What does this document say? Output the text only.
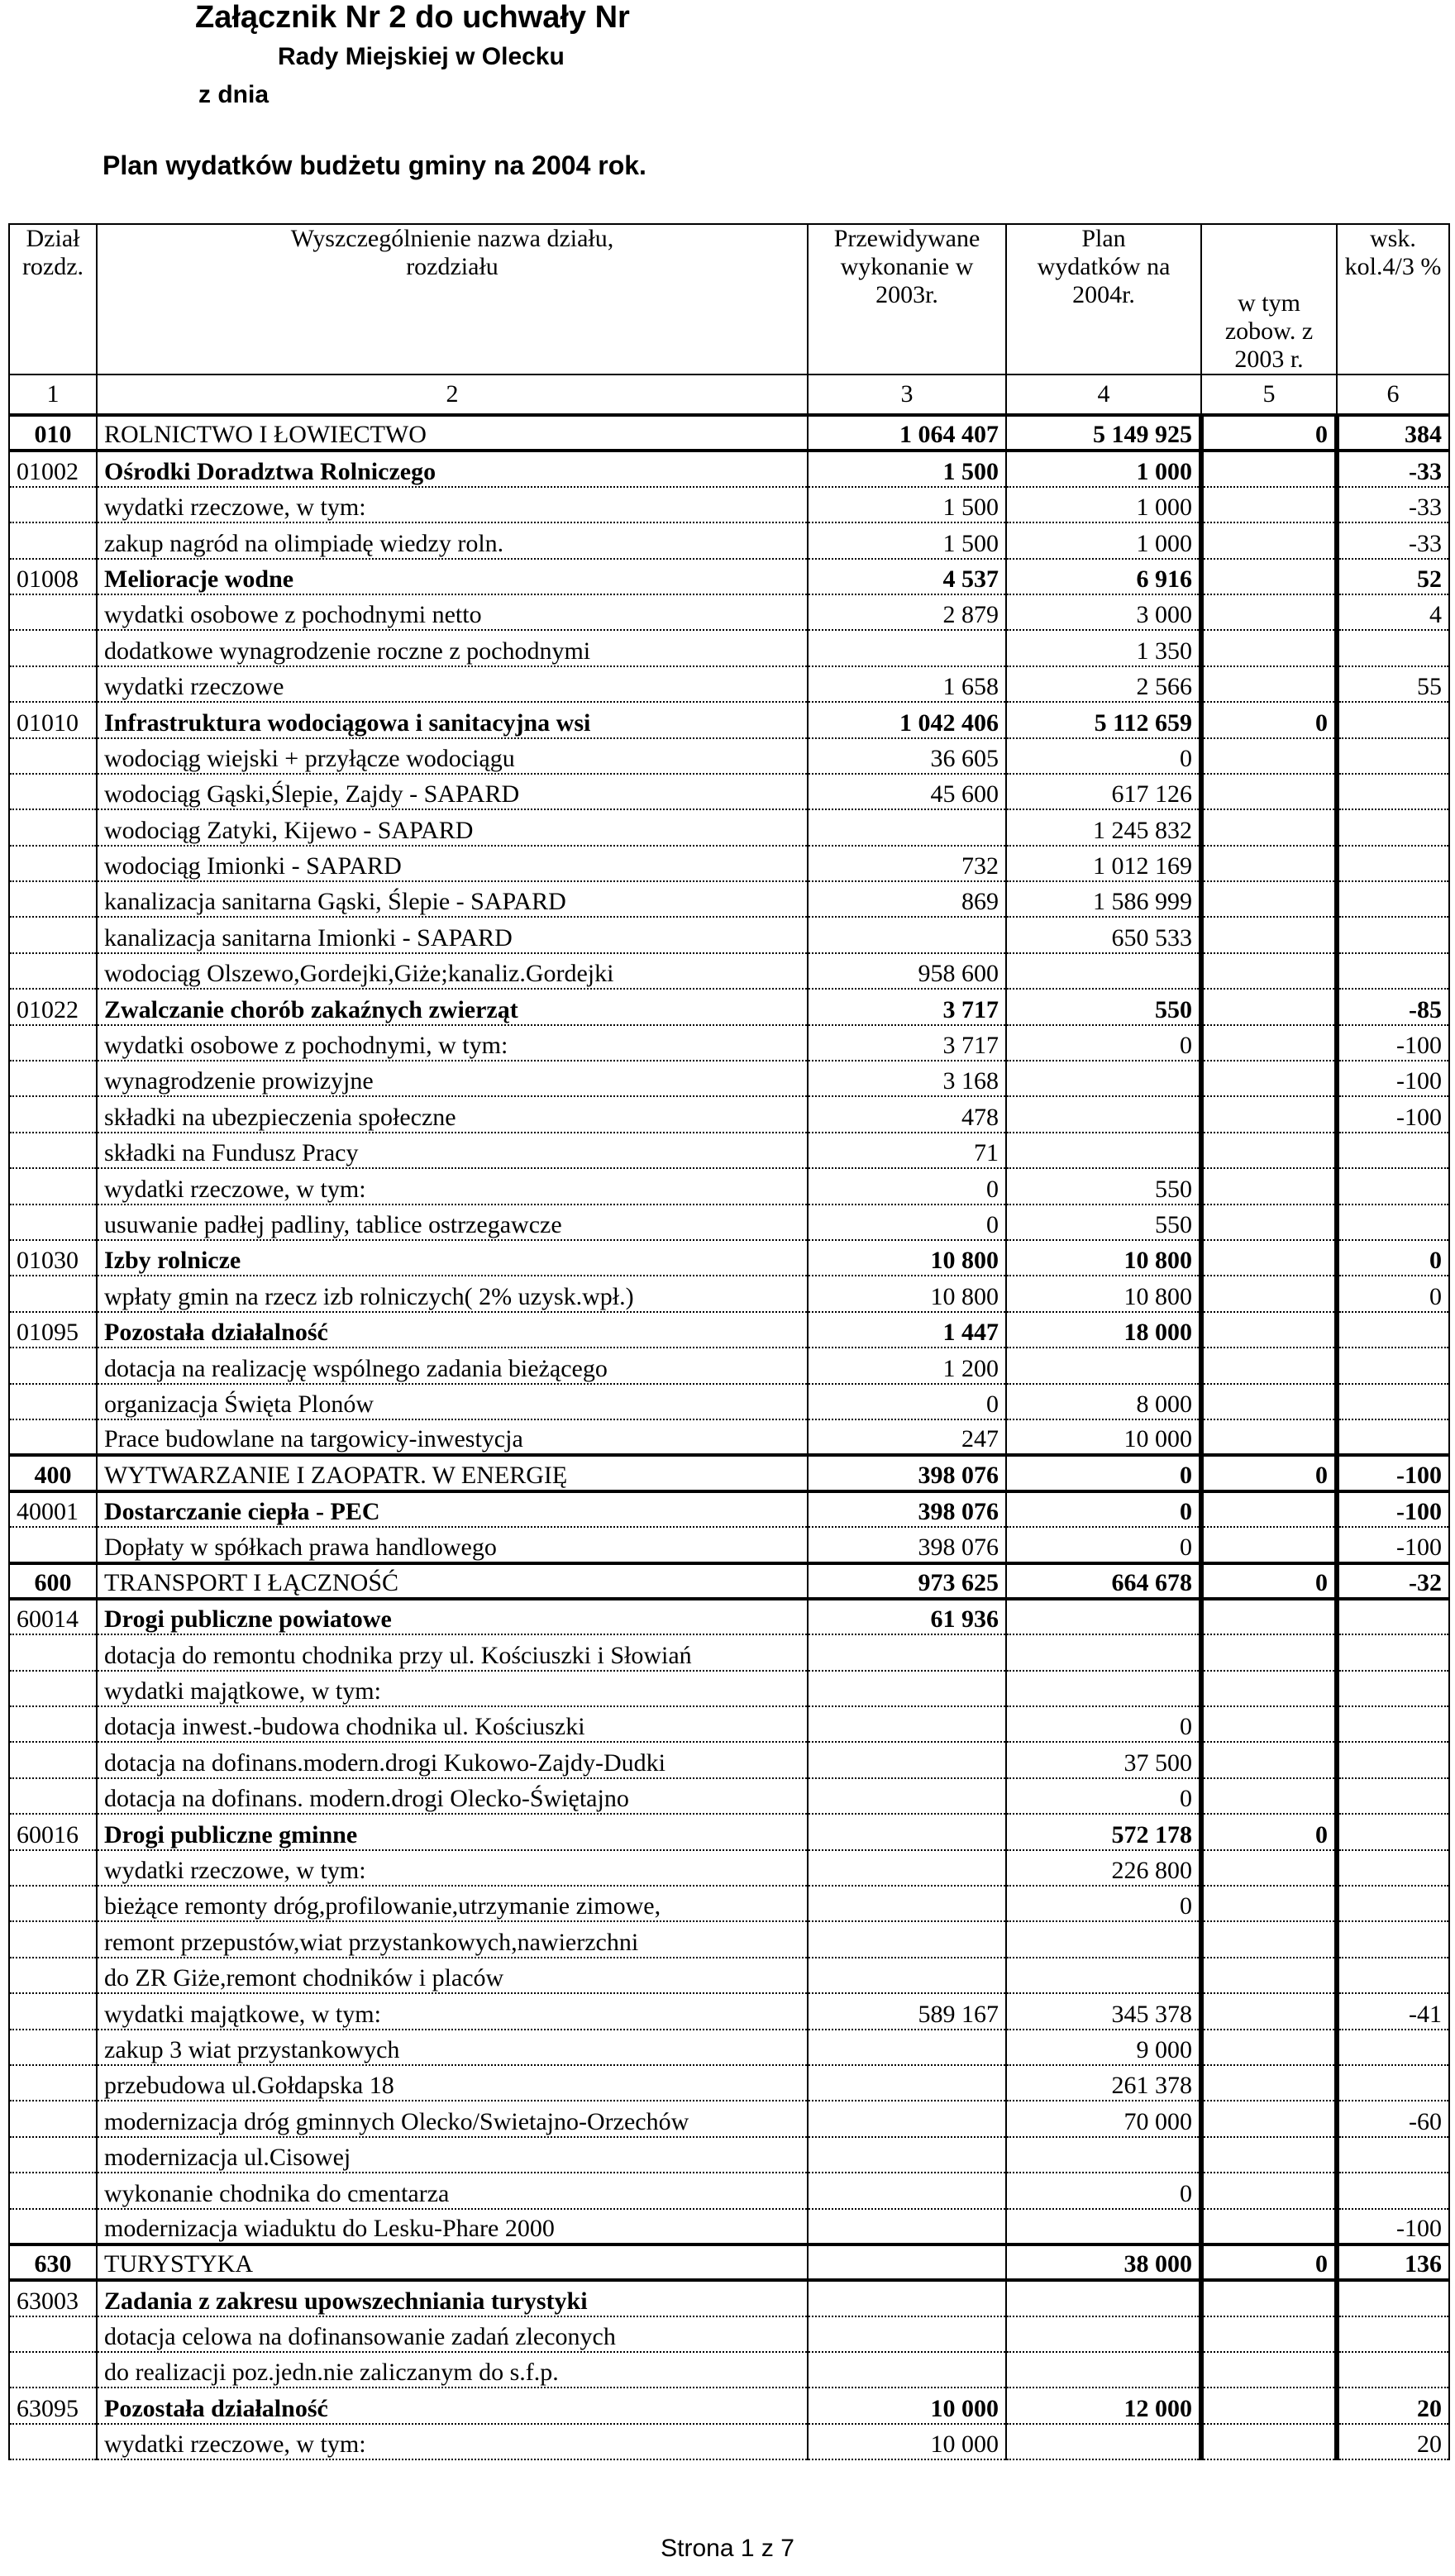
Załącznik Nr 2 do uchwały Nr
Rady Miejskiej w Olecku
z dnia
Plan wydatków budżetu gminy na 2004 rok.
Dział rozdz.	Wyszczególnienie nazwa działu, rozdziału	Przewidywane wykonanie w 2003r.	Plan wydatków na 2004r.	w tym zobow. z 2003 r.	wsk. kol.4/3 %
1	2	3	4	5	6
010	ROLNICTWO I ŁOWIECTWO	1 064 407	5 149 925	0	384
01002	Ośrodki Doradztwa Rolniczego	1 500	1 000		-33
	wydatki rzeczowe, w tym:	1 500	1 000		-33
	zakup nagród na olimpiadę wiedzy roln.	1 500	1 000		-33
01008	Melioracje wodne	4 537	6 916		52
	wydatki osobowe z pochodnymi netto	2 879	3 000		4
	dodatkowe wynagrodzenie roczne z pochodnymi		1 350		
	wydatki rzeczowe	1 658	2 566		55
01010	Infrastruktura wodociągowa i sanitacyjna wsi	1 042 406	5 112 659	0	
	wodociąg wiejski + przyłącze wodociągu	36 605	0		
	wodociąg Gąski,Ślepie, Zajdy - SAPARD	45 600	617 126		
	wodociąg Zatyki, Kijewo - SAPARD		1 245 832		
	wodociąg Imionki - SAPARD	732	1 012 169		
	kanalizacja sanitarna Gąski, Ślepie - SAPARD	869	1 586 999		
	kanalizacja sanitarna Imionki - SAPARD		650 533		
	wodociąg Olszewo,Gordejki,Giże;kanaliz.Gordejki	958 600			
01022	Zwalczanie chorób zakaźnych zwierząt	3 717	550		-85
	wydatki osobowe z pochodnymi, w tym:	3 717	0		-100
	wynagrodzenie prowizyjne	3 168			-100
	składki na ubezpieczenia społeczne	478			-100
	składki na Fundusz Pracy	71			
	wydatki rzeczowe, w tym:	0	550		
	usuwanie padłej padliny, tablice ostrzegawcze	0	550		
01030	Izby rolnicze	10 800	10 800		0
	wpłaty gmin na rzecz izb rolniczych( 2% uzysk.wpł.)	10 800	10 800		0
01095	Pozostała działalność	1 447	18 000		
	dotacja na realizację wspólnego zadania bieżącego	1 200			
	organizacja Święta Plonów	0	8 000		
	Prace budowlane na targowicy-inwestycja	247	10 000		
400	WYTWARZANIE I ZAOPATR. W ENERGIĘ	398 076	0	0	-100
40001	Dostarczanie ciepła - PEC	398 076	0		-100
	Dopłaty w spółkach prawa handlowego	398 076	0		-100
600	TRANSPORT I ŁĄCZNOŚĆ	973 625	664 678	0	-32
60014	Drogi publiczne powiatowe	61 936			
	dotacja do remontu chodnika przy ul. Kościuszki i Słowiań				
	wydatki majątkowe, w tym:				
	dotacja inwest.-budowa chodnika ul. Kościuszki		0		
	dotacja na dofinans.modern.drogi Kukowo-Zajdy-Dudki		37 500		
	dotacja na dofinans. modern.drogi Olecko-Świętajno		0		
60016	Drogi publiczne gminne		572 178	0	
	wydatki rzeczowe, w tym:		226 800		
	bieżące remonty dróg,profilowanie,utrzymanie zimowe,		0		
	remont przepustów,wiat przystankowych,nawierzchni				
	do ZR Giże,remont chodników i placów				
	wydatki majątkowe, w tym:	589 167	345 378		-41
	zakup 3 wiat przystankowych		9 000		
	przebudowa ul.Gołdapska 18		261 378		
	modernizacja dróg gminnych Olecko/Swietajno-Orzechów		70 000		-60
	modernizacja ul.Cisowej				
	wykonanie chodnika do cmentarza		0		
	modernizacja wiaduktu do Lesku-Phare 2000				-100
630	TURYSTYKA		38 000	0	136
63003	Zadania z zakresu upowszechniania turystyki				
	dotacja celowa na dofinansowanie zadań zleconych				
	do realizacji poz.jedn.nie zaliczanym do s.f.p.				
63095	Pozostała działalność	10 000	12 000		20
	wydatki rzeczowe, w tym:	10 000			20
Strona 1 z 7
